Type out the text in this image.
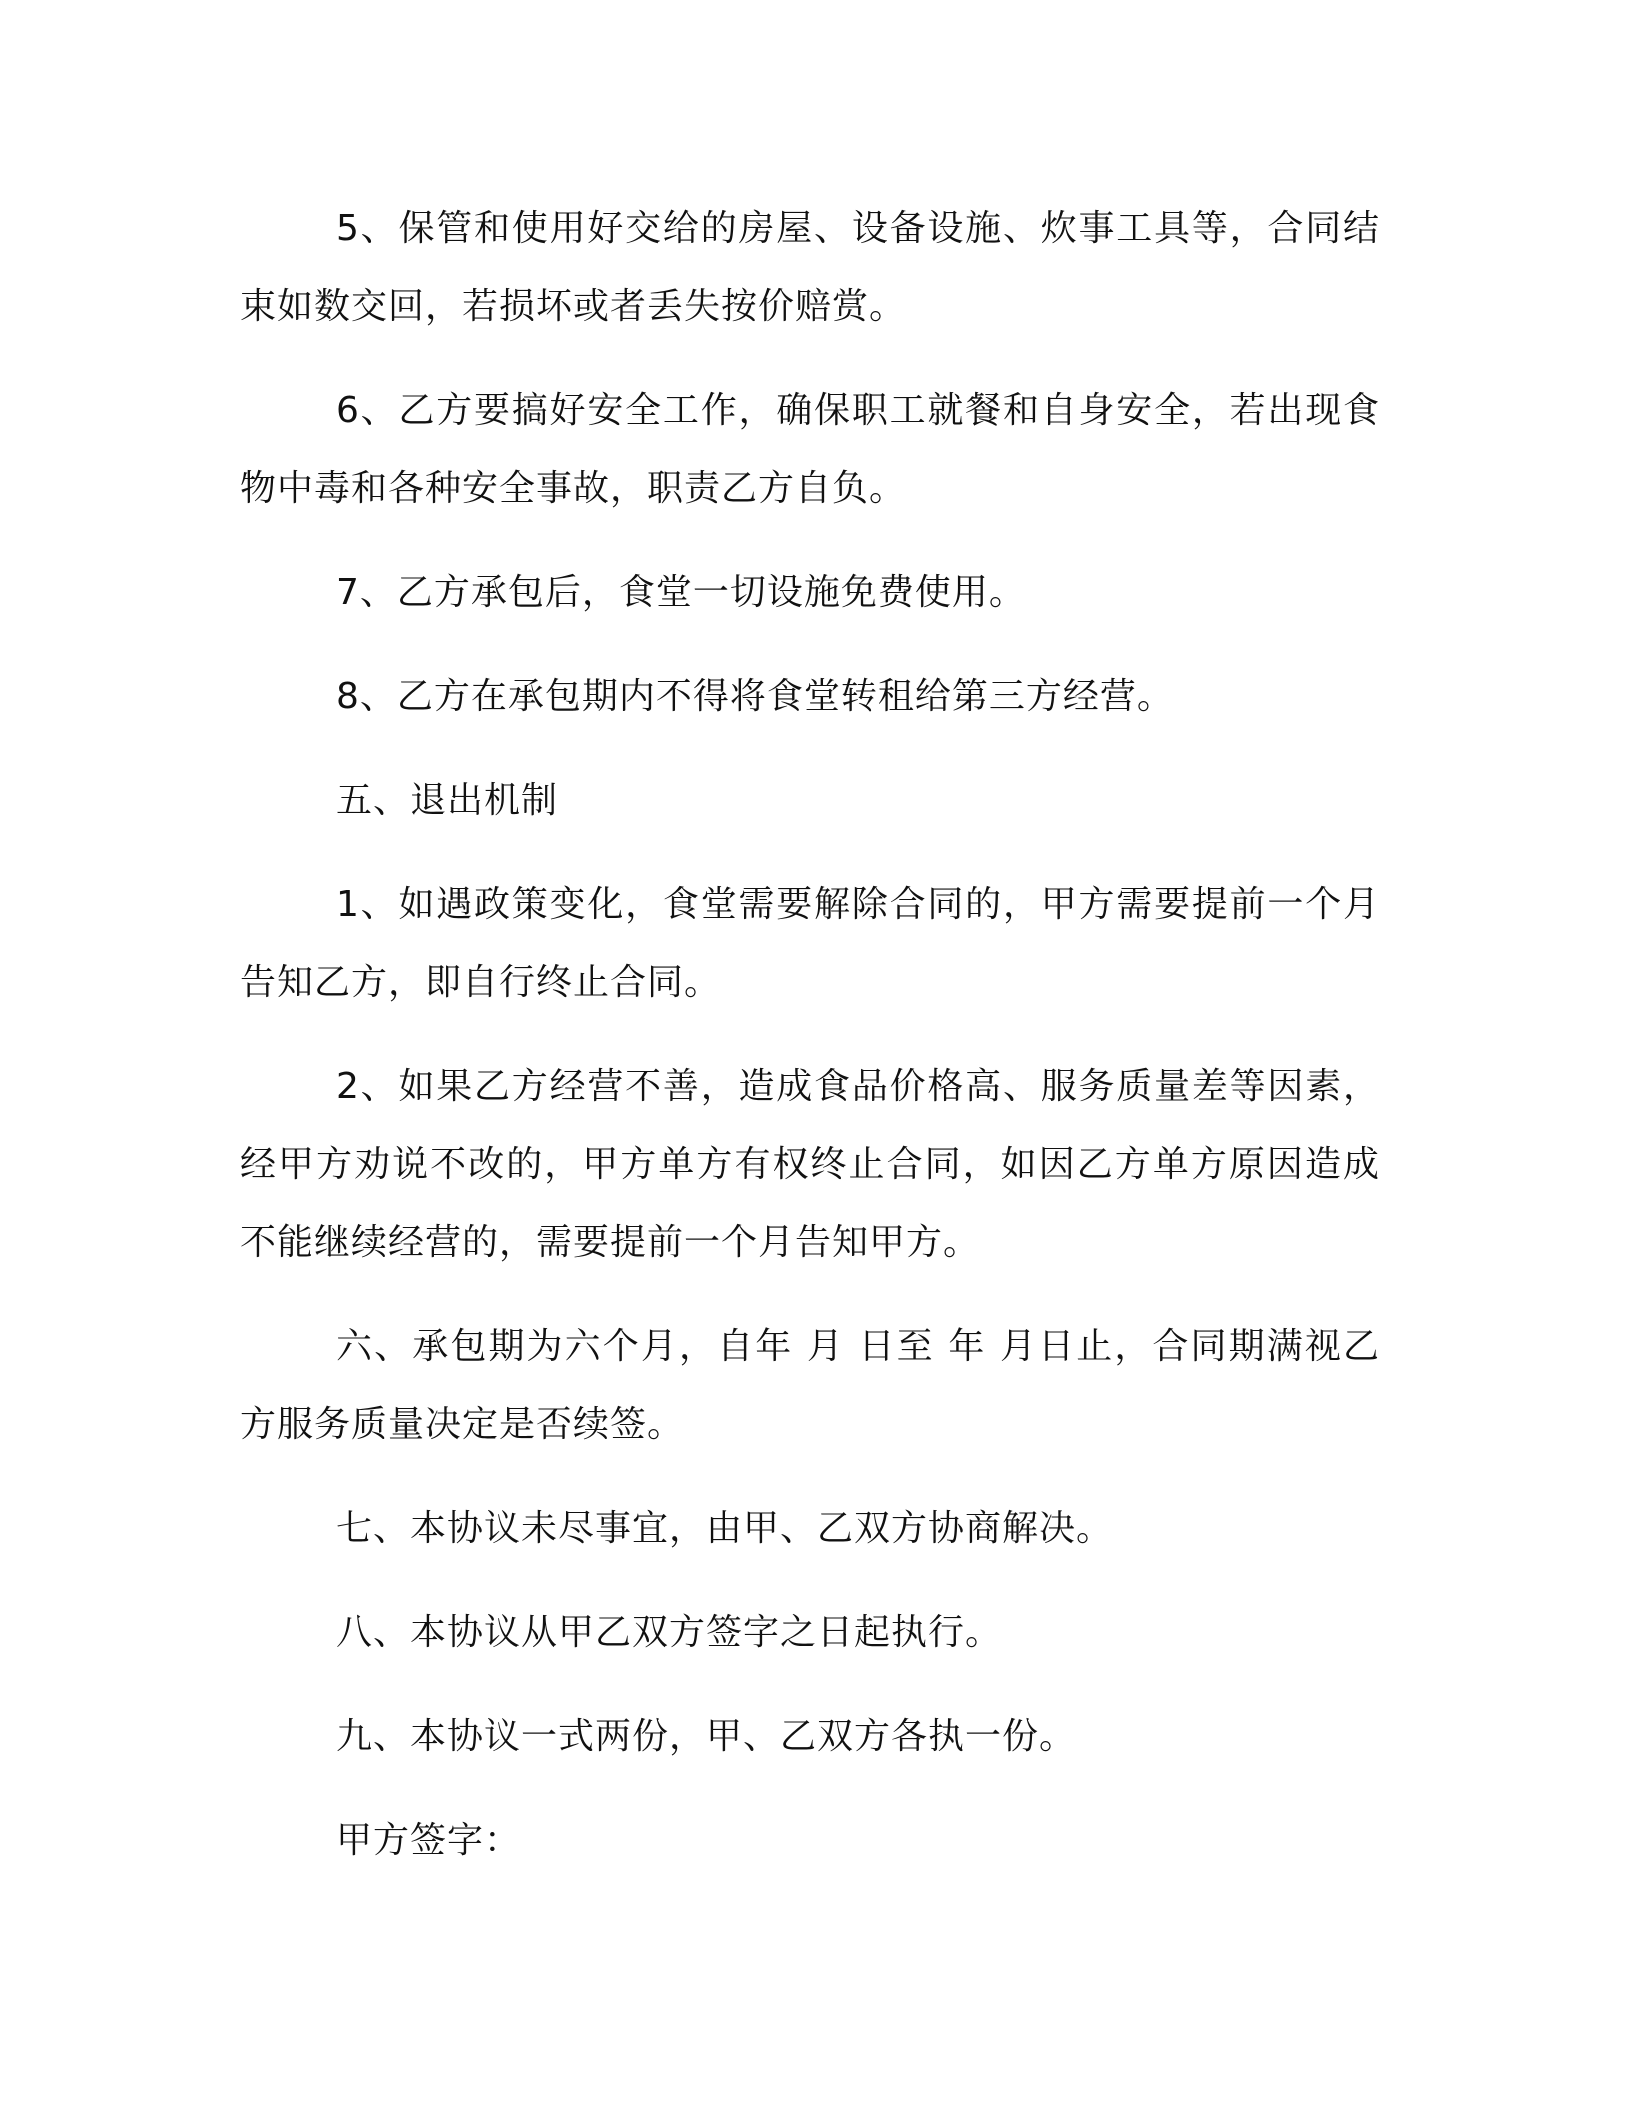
5、保管和使用好交给的房屋、设备设施、炊事工具等，合同结束如数交回，若损坏或者丢失按价赔赏。

6、乙方要搞好安全工作，确保职工就餐和自身安全，若出现食物中毒和各种安全事故，职责乙方自负。

7、乙方承包后，食堂一切设施免费使用。

8、乙方在承包期内不得将食堂转租给第三方经营。

五、退出机制

1、如遇政策变化，食堂需要解除合同的，甲方需要提前一个月告知乙方，即自行终止合同。

2、如果乙方经营不善，造成食品价格高、服务质量差等因素，经甲方劝说不改的，甲方单方有权终止合同，如因乙方单方原因造成不能继续经营的，需要提前一个月告知甲方。

六、承包期为六个月，自年 月 日至 年 月日止，合同期满视乙方服务质量决定是否续签。

七、本协议未尽事宜，由甲、乙双方协商解决。

八、本协议从甲乙双方签字之日起执行。

九、本协议一式两份，甲、乙双方各执一份。

甲方签字：
